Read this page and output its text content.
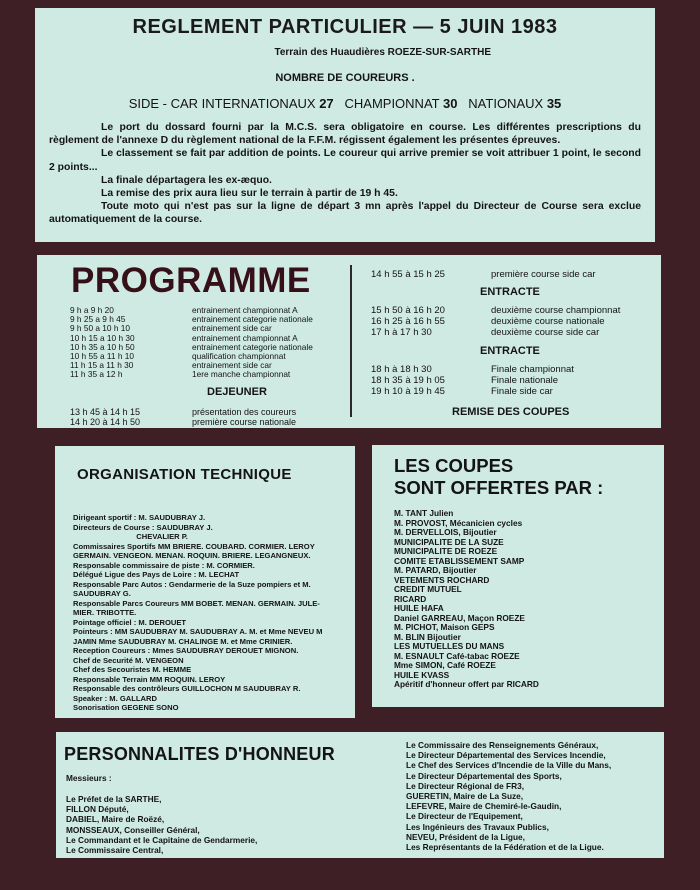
REGLEMENT PARTICULIER — 5 JUIN 1983
Terrain des Huaudières ROEZE-SUR-SARTHE
NOMBRE DE COUREURS .
SIDE - CAR INTERNATIONAUX 27 CHAMPIONNAT 30 NATIONAUX 35

Le port du dossard fourni par la M.C.S. sera obligatoire en course. Les différentes prescriptions du règlement de l'annexe D du règlement national de la F.F.M. régissent également les présentes épreuves.

Le classement se fait par addition de points. Le coureur qui arrive premier se voit attribuer 1 point, le second 2 points...

La finale départagera les ex-æquo.

La remise des prix aura lieu sur le terrain à partir de 19 h 45.

Toute moto qui n'est pas sur la ligne de départ 3 mn après l'appel du Directeur de Course sera exclue automatiquement de la course.

PROGRAMME
9 h a 9 h 20	entrainement championnat A
9 h 25 a 9 h 45	entrainement categorie nationale
9 h 50 a 10 h 10	entrainement side car
10 h 15 a 10 h 30	entrainement championnat A
10 h 35 a 10 h 50	entrainement categorie nationale
10 h 55 a 11 h 10	qualification championnat
11 h 15 a 11 h 30	entrainement side car
11 h 35 a 12 h	1ere manche championnat
DEJEUNER
13 h 45 à 14 h 15	présentation des coureurs
14 h 20 à 14 h 50	première course nationale
14 h 55 à 15 h 25	première course side car
ENTRACTE
15 h 50 à 16 h 20	deuxième course championnat
16 h 25 à 16 h 55	deuxième course nationale
17 h à 17 h 30	deuxième course side car
ENTRACTE
18 h à 18 h 30	Finale championnat
18 h 35 à 19 h 05	Finale nationale
19 h 10 à 19 h 45	Finale side car
REMISE DES COUPES
ORGANISATION TECHNIQUE
Dirigeant sportif : M. SAUDUBRAY J.
Directeurs de Course : SAUDUBRAY J.
CHEVALIER P.
Commissaires Sportifs MM BRIERE. COUBARD. CORMIER. LEROY
GERMAIN. VENGEON. MENAN. ROQUIN. BRIERE. LEGANGNEUX.
Responsable commissaire de piste : M. CORMIER.
Délégué Ligue des Pays de Loire : M. LECHAT
Responsable Parc Autos : Gendarmerie de la Suze pompiers et M.
SAUDUBRAY G.
Responsable Parcs Coureurs MM BOBET. MENAN. GERMAIN. JULE-
MIER. TRIBOTTE.
Pointage officiel : M. DEROUET
Pointeurs : MM SAUDUBRAY M. SAUDUBRAY A. M. et Mme NEVEU M
JAMIN Mme SAUDUBRAY M. CHALINGE M. et Mme CRINIER.
Reception Coureurs : Mmes SAUDUBRAY DEROUET MIGNON.
Chef de Securité M. VENGEON
Chef des Secouristes M. HEMME
Responsable Terrain MM ROQUIN. LEROY
Responsable des contrôleurs GUILLOCHON M SAUDUBRAY R.
Speaker : M. GALLARD
Sonorisation GEGENE SONO
LES COUPES
SONT OFFERTES PAR :
M. TANT Julien
M. PROVOST, Mécanicien cycles
M. DERVELLOIS, Bijoutier
MUNICIPALITE DE LA SUZE
MUNICIPALITE DE ROEZE
COMITE ETABLISSEMENT SAMP
M. PATARD, Bijoutier
VETEMENTS ROCHARD
CREDIT MUTUEL
RICARD
HUILE HAFA
Daniel GARREAU, Maçon ROEZE
M. PICHOT, Maison GEPS
M. BLIN Bijoutier
LES MUTUELLES DU MANS
M. ESNAULT Café-tabac ROEZE
Mme SIMON, Café ROEZE
HUILE KVASS
Apéritif d'honneur offert par RICARD
PERSONNALITES D'HONNEUR
Messieurs :
Le Préfet de la SARTHE,
FILLON Député,
DABIEL, Maire de Roëzé,
MONSSEAUX, Conseiller Général,
Le Commandant et le Capitaine de Gendarmerie,
Le Commissaire Central,
Le Commissaire des Renseignements Généraux,
Le Directeur Départemental des Services Incendie,
Le Chef des Services d'Incendie de la Ville du Mans,
Le Directeur Départemental des Sports,
Le Directeur Régional de FR3,
GUERETIN, Maire de La Suze,
LEFEVRE, Maire de Chemiré-le-Gaudin,
Le Directeur de l'Equipement,
Les Ingénieurs des Travaux Publics,
NEVEU, Président de la Ligue,
Les Représentants de la Fédération et de la Ligue.
